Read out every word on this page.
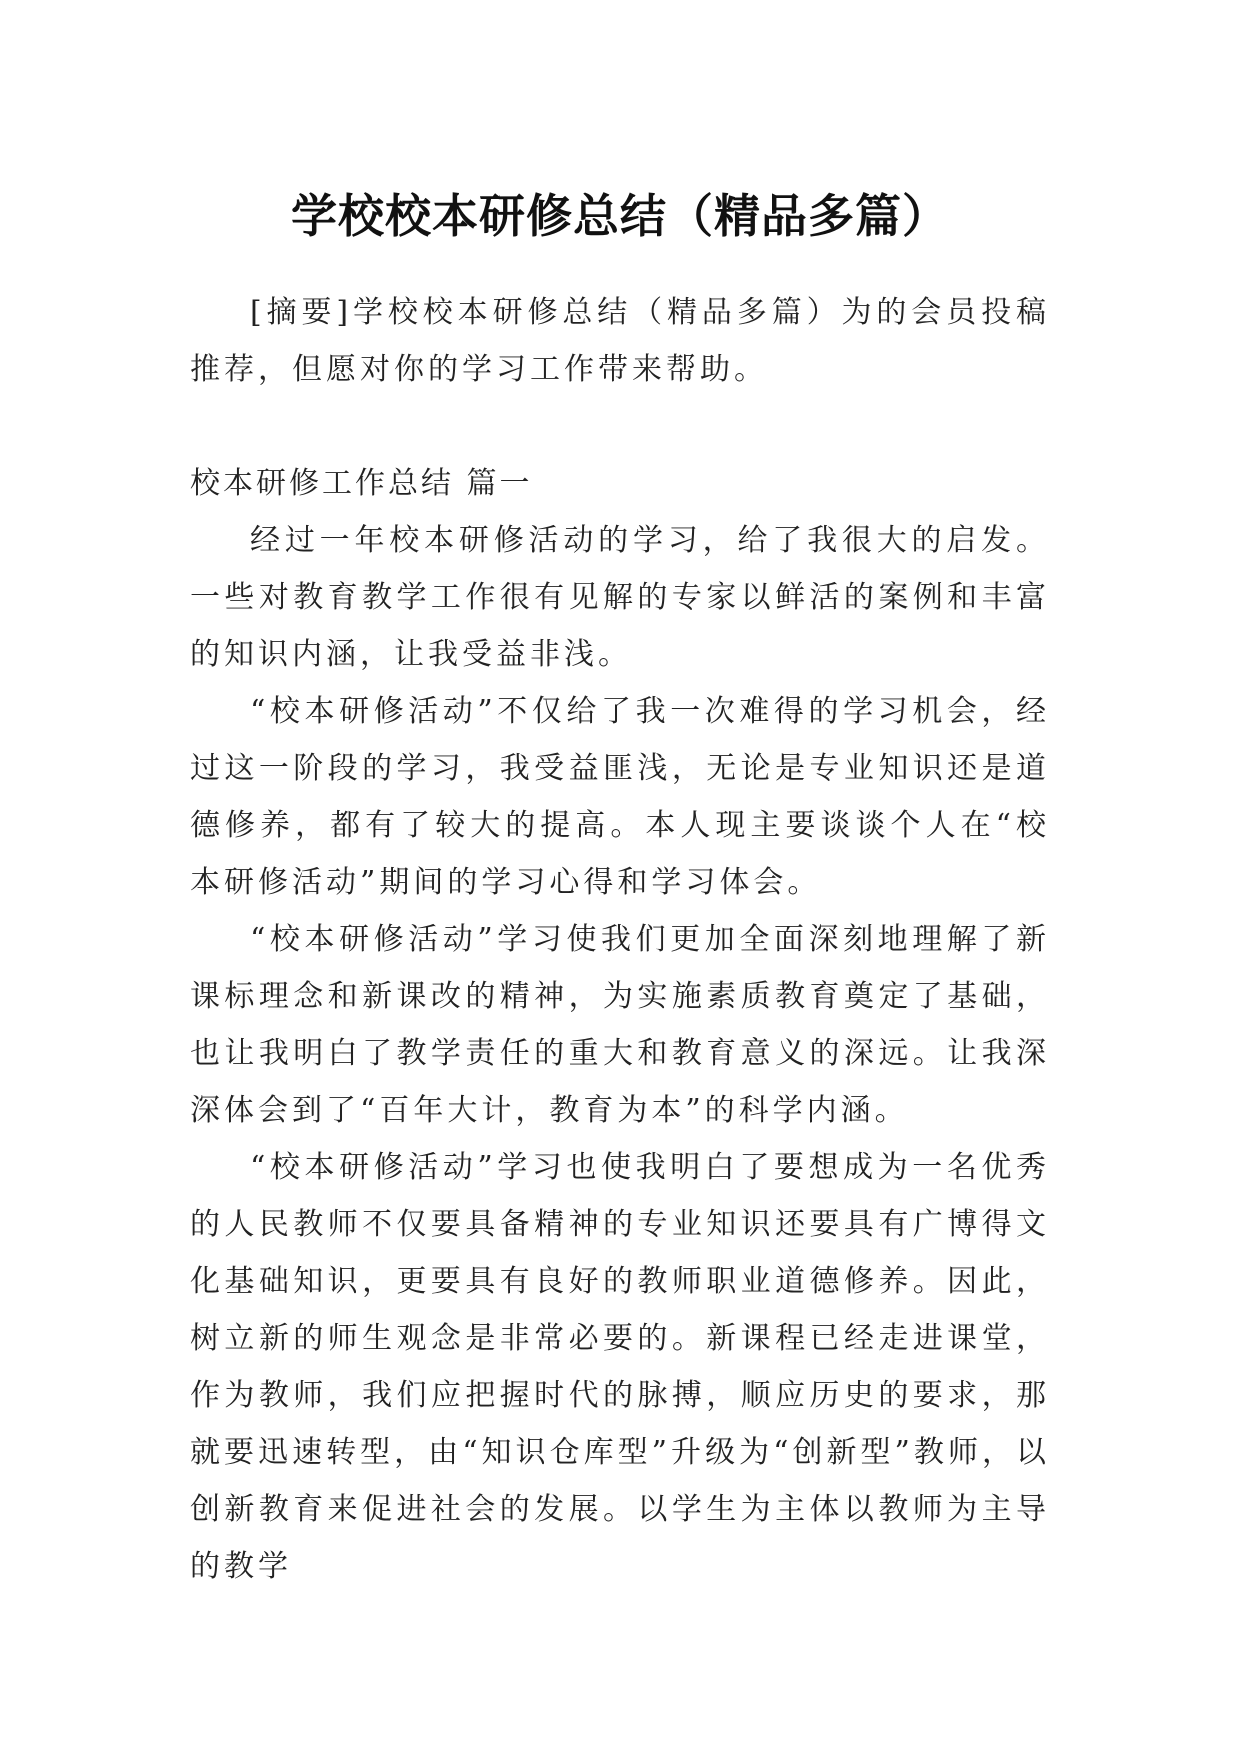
学校校本研修总结（精品多篇）

[摘要]学校校本研修总结（精品多篇）为的会员投稿推荐，但愿对你的学习工作带来帮助。

校本研修工作总结 篇一

经过一年校本研修活动的学习，给了我很大的启发。一些对教育教学工作很有见解的专家以鲜活的案例和丰富的知识内涵，让我受益非浅。

“校本研修活动”不仅给了我一次难得的学习机会，经过这一阶段的学习，我受益匪浅，无论是专业知识还是道德修养，都有了较大的提高。本人现主要谈谈个人在“校本研修活动”期间的学习心得和学习体会。

“校本研修活动”学习使我们更加全面深刻地理解了新课标理念和新课改的精神，为实施素质教育奠定了基础，也让我明白了教学责任的重大和教育意义的深远。让我深深体会到了“百年大计，教育为本”的科学内涵。

“校本研修活动”学习也使我明白了要想成为一名优秀的人民教师不仅要具备精神的专业知识还要具有广博得文化基础知识，更要具有良好的教师职业道德修养。因此，树立新的师生观念是非常必要的。新课程已经走进课堂，作为教师，我们应把握时代的脉搏，顺应历史的要求，那就要迅速转型，由“知识仓库型”升级为“创新型”教师，以创新教育来促进社会的发展。以学生为主体以教师为主导的教学
